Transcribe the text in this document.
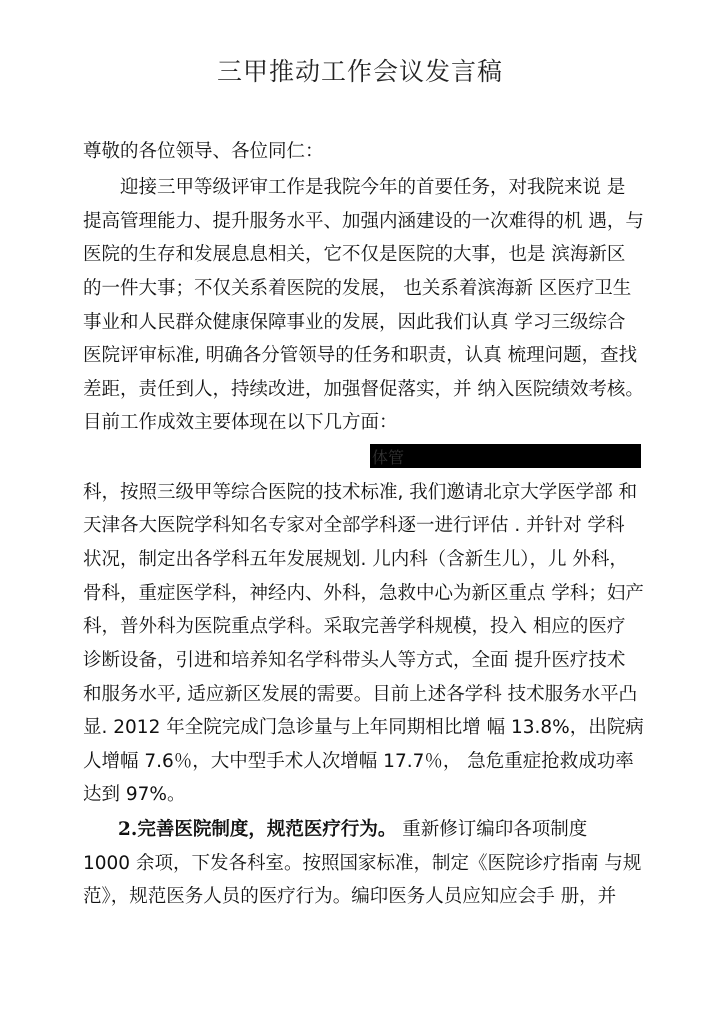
三甲推动工作会议发言稿
尊敬的各位领导、各位同仁：
　　迎接三甲等级评审工作是我院今年的首要任务，对我院来说 是
提高管理能力、提升服务水平、加强内涵建设的一次难得的机 遇，与
医院的生存和发展息息相关，它不仅是医院的大事，也是 滨海新区
的一件大事；不仅关系着医院的发展， 也关系着滨海新 区医疗卫生
事业和人民群众健康保障事业的发展，因此我们认真 学习三级综合
医院评审标准, 明确各分管领导的任务和职责，认真 梳理问题，查找
差距，责任到人，持续改进，加强督促落实，并 纳入医院绩效考核。
目前工作成效主要体现在以下几方面：
体管
科，按照三级甲等综合医院的技术标准, 我们邀请北京大学医学部 和
天津各大医院学科知名专家对全部学科逐一进行评估 . 并针对 学科
状况，制定出各学科五年发展规划. 儿内科（含新生儿），儿 外科，
骨科，重症医学科，神经内、外科，急救中心为新区重点 学科；妇产
科，普外科为医院重点学科。采取完善学科规模，投入 相应的医疗
诊断设备，引进和培养知名学科带头人等方式，全面 提升医疗技术
和服务水平, 适应新区发展的需要。目前上述各学科 技术服务水平凸
显. 2012 年全院完成门急诊量与上年同期相比增 幅 13.8%，出院病
人增幅 7.6％，大中型手术人次增幅 17.7％， 急危重症抢救成功率
达到 97%。
2.完善医院制度，规范医疗行为。 重新修订编印各项制度
1000 余项，下发各科室。按照国家标准，制定《医院诊疗指南 与规
范》，规范医务人员的医疗行为。编印医务人员应知应会手 册，并
